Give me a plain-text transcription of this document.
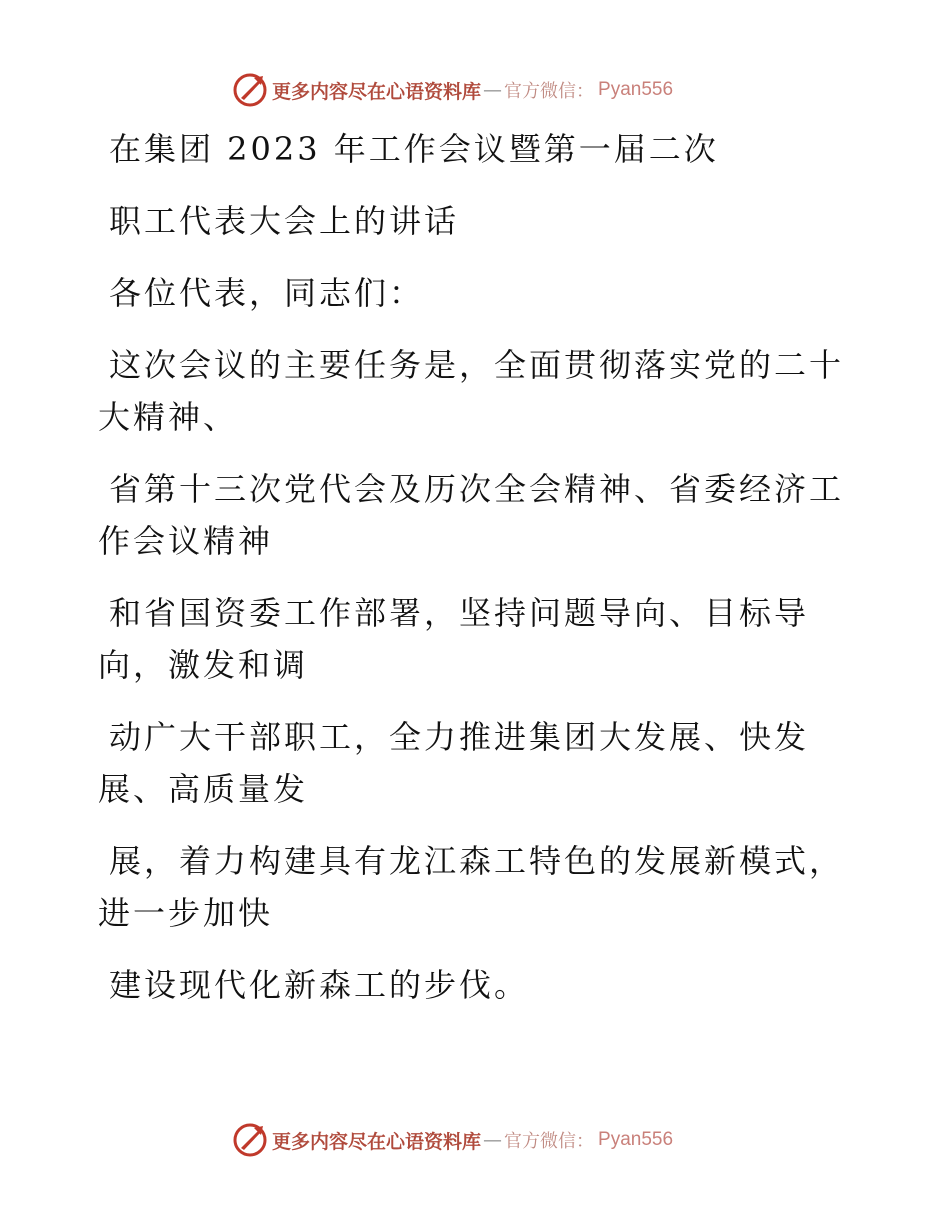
更多内容尽在心语资料库 — 官方微信 ： Pyan556
在集团 2023 年工作会议暨第一届二次
职工代表大会上的讲话
各位代表，同志们：
这次会议的主要任务是，全面贯彻落实党的二十
大精神、
省第十三次党代会及历次全会精神、省委经济工
作会议精神
和省国资委工作部署，坚持问题导向、目标导
向，激发和调
动广大干部职工，全力推进集团大发展、快发
展、高质量发
展，着力构建具有龙江森工特色的发展新模式，
进一步加快
建设现代化新森工的步伐。
更多内容尽在心语资料库 — 官方微信 ： Pyan556
